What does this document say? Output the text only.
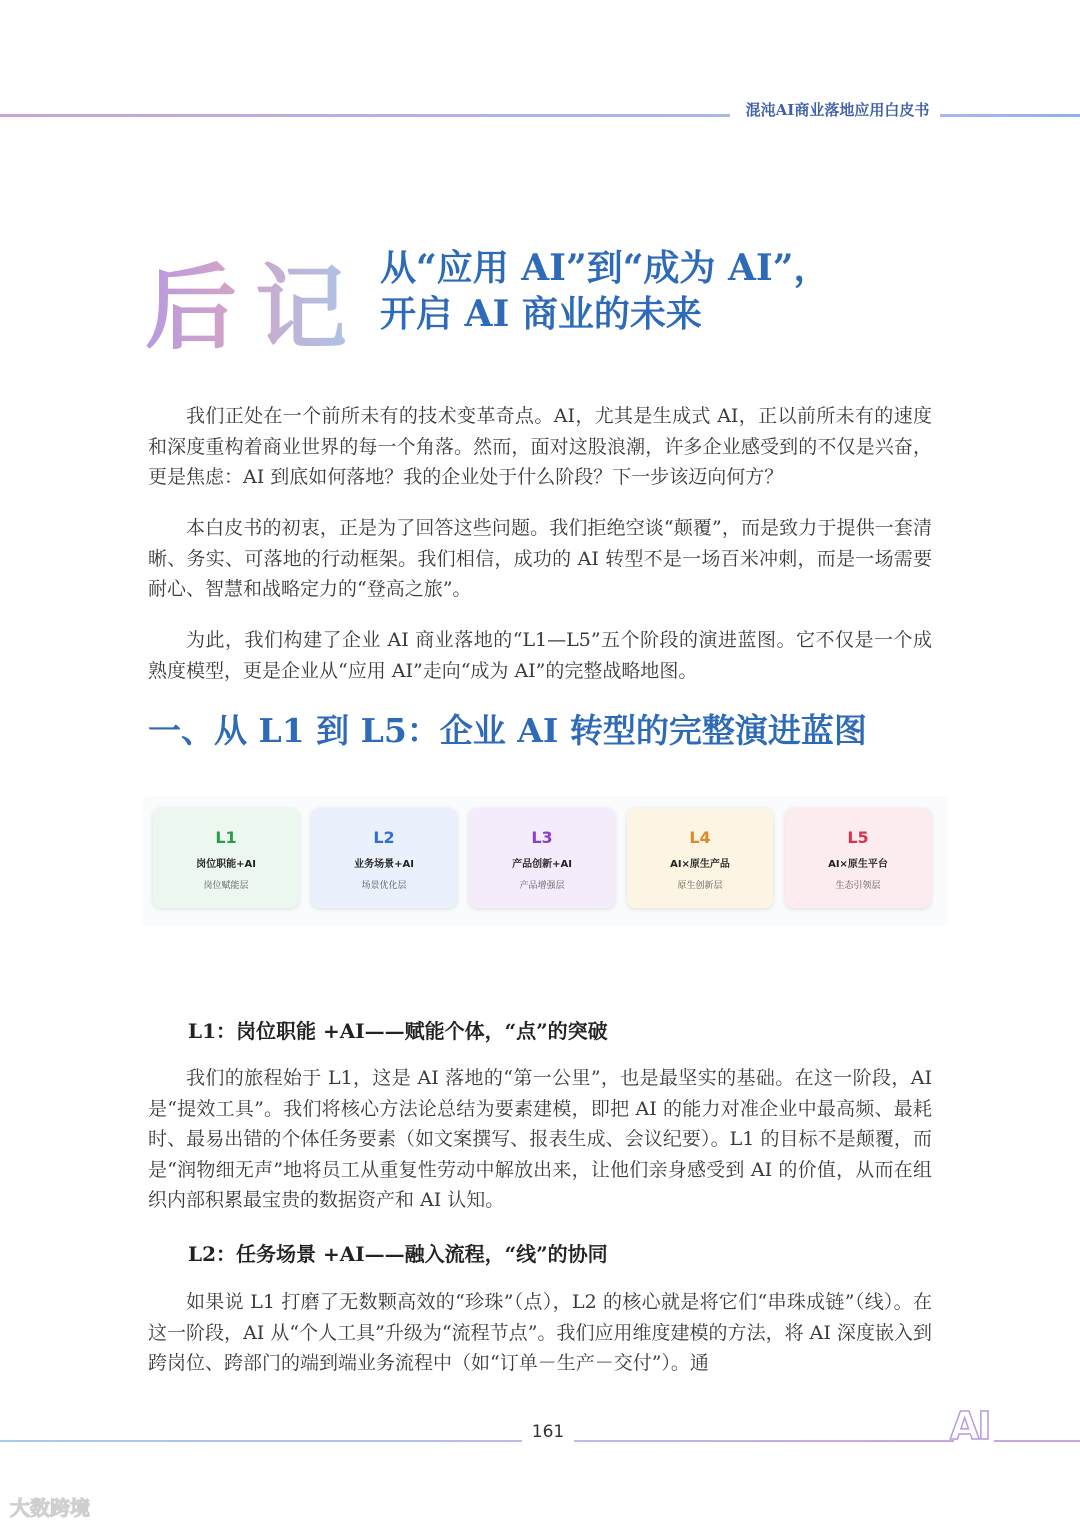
混沌AI商业落地应用白皮书
后记 从“应用 AI”到“成为 AI”，
开启 AI 商业的未来

我们正处在一个前所未有的技术变革奇点。AI，尤其是生成式 AI，正以前所未有的速度和深度重构着商业世界的每一个角落。然而，面对这股浪潮，许多企业感受到的不仅是兴奋，更是焦虑：AI 到底如何落地？我的企业处于什么阶段？下一步该迈向何方？

本白皮书的初衷，正是为了回答这些问题。我们拒绝空谈“颠覆”，而是致力于提供一套清晰、务实、可落地的行动框架。我们相信，成功的 AI 转型不是一场百米冲刺，而是一场需要耐心、智慧和战略定力的“登高之旅”。

为此，我们构建了企业 AI 商业落地的“L1—L5”五个阶段的演进蓝图。它不仅是一个成熟度模型，更是企业从“应用 AI”走向“成为 AI”的完整战略地图。

一、从 L1 到 L5：企业 AI 转型的完整演进蓝图
L1
岗位职能+AI
岗位赋能层
L2
业务场景+AI
场景优化层
L3
产品创新+AI
产品增强层
L4
AI×原生产品
原生创新层
L5
AI×原生平台
生态引领层
L1：岗位职能 +AI——赋能个体，“点”的突破

我们的旅程始于 L1，这是 AI 落地的“第一公里”，也是最坚实的基础。在这一阶段，AI 是“提效工具”。我们将核心方法论总结为要素建模，即把 AI 的能力对准企业中最高频、最耗时、最易出错的个体任务要素（如文案撰写、报表生成、会议纪要）。L1 的目标不是颠覆，而是“润物细无声”地将员工从重复性劳动中解放出来，让他们亲身感受到 AI 的价值，从而在组织内部积累最宝贵的数据资产和 AI 认知。

L2：任务场景 +AI——融入流程，“线”的协同

如果说 L1 打磨了无数颗高效的“珍珠”（点），L2 的核心就是将它们“串珠成链”（线）。在这一阶段，AI 从“个人工具”升级为“流程节点”。我们应用维度建模的方法，将 AI 深度嵌入到跨岗位、跨部门的端到端业务流程中（如“订单－生产－交付”）。通

161	AI
大数跨境
